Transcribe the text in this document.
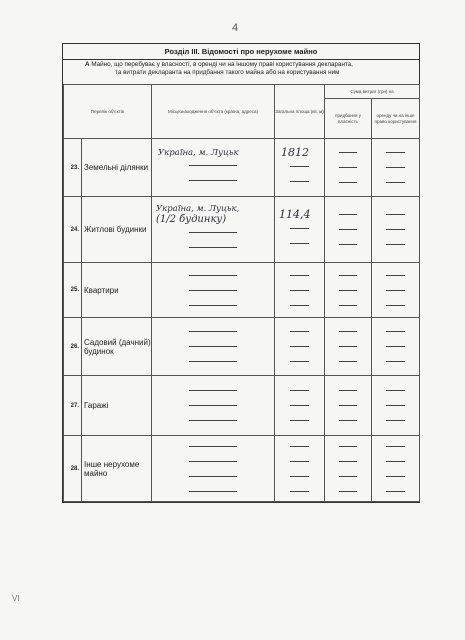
4
Розділ III. Відомості про нерухоме майно
А Майно, що перебуває у власності, в оренді чи на іншому праві користування декларанта,
та витрати декларанта на придбання такого майна або на користування ним
Перелік об'єктів		Місцезнаходження об'єкта (країна, адреса)	Загальна площа (кв. м)	Сума витрат (грн) на	
				придбання у власність	оренду чи на інше право користування
23.	Земельні ділянки	Україна, м. Луцьк	1812

24.	Житлові будинки	Україна, м. Луцьк,
(1/2 будинку)	114,4		

25.	Квартири	

26.	Садовий (дачний) будинок	

27.	Гаражі	

28.	Інше нерухоме майно	

VI
